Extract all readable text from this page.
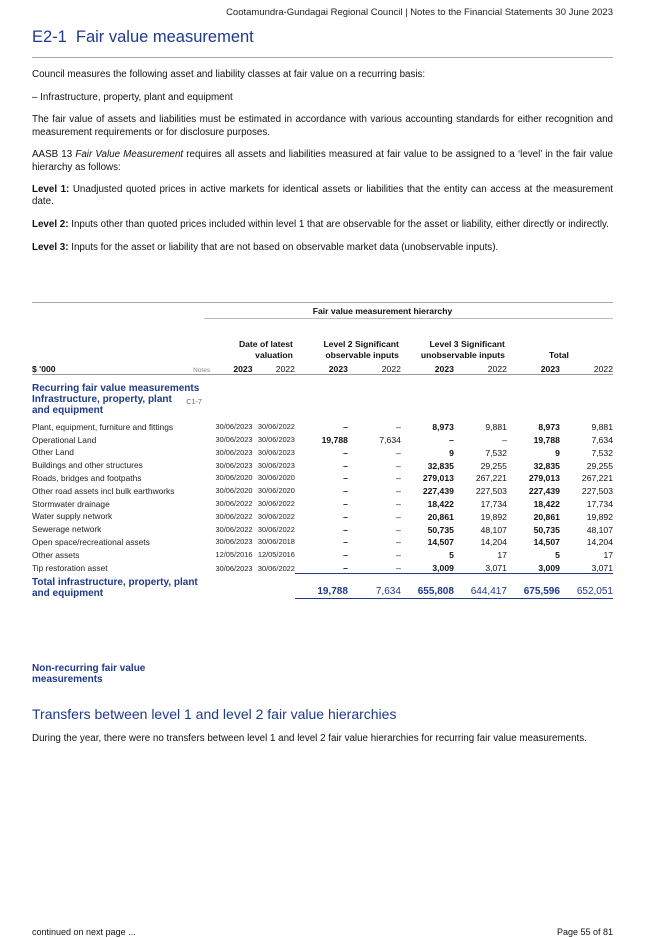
Cootamundra-Gundagai Regional Council | Notes to the Financial Statements 30 June 2023
E2-1 Fair value measurement

Council measures the following asset and liability classes at fair value on a recurring basis:

– Infrastructure, property, plant and equipment

The fair value of assets and liabilities must be estimated in accordance with various accounting standards for either recognition and measurement requirements or for disclosure purposes.

AASB 13 Fair Value Measurement requires all assets and liabilities measured at fair value to be assigned to a ‘level’ in the fair value hierarchy as follows:

Level 1: Unadjusted quoted prices in active markets for identical assets or liabilities that the entity can access at the measurement date.

Level 2: Inputs other than quoted prices included within level 1 that are observable for the asset or liability, either directly or indirectly.

Level 3: Inputs for the asset or liability that are not based on observable market data (unobservable inputs).

Fair value measurement hierarchy
		Date of latest valuation		Level 2 Significant observable inputs		Level 3 Significant unobservable inputs		Total	
$ '000	Notes	2023	2022	2023	2022	2023	2022	2023	2022

Recurring fair value measurements									
Infrastructure, property, plant and equipment	C1-7								
Plant, equipment, furniture and fittings		30/06/2023	30/06/2022	–	–	8,973	9,881	8,973	9,881
Operational Land		30/06/2023	30/06/2023	19,788	7,634	–	–	19,788	7,634
Other Land		30/06/2023	30/06/2023	–	–	9	7,532	9	7,532
Buildings and other structures		30/06/2023	30/06/2023	–	–	32,835	29,255	32,835	29,255
Roads, bridges and footpaths		30/06/2020	30/06/2020	–	–	279,013	267,221	279,013	267,221
Other road assets incl bulk earthworks		30/06/2020	30/06/2020	–	–	227,439	227,503	227,439	227,503
Stormwater drainage		30/06/2022	30/06/2022	–	–	18,422	17,734	18,422	17,734
Water supply network		30/06/2022	30/06/2022	–	–	20,861	19,892	20,861	19,892
Sewerage network		30/06/2022	30/06/2022	–	–	50,735	48,107	50,735	48,107
Open space/recreational assets		30/06/2023	30/06/2018	–	–	14,507	14,204	14,507	14,204
Other assets		12/05/2016	12/05/2016	–	–	5	17	5	17
Tip restoration asset		30/06/2023	30/06/2022	–	–	3,009	3,071	3,009	3,071
Total infrastructure, property, plant and equipment				19,788	7,634	655,808	644,417	675,596	652,051
Non-recurring fair value measurements
Transfers between level 1 and level 2 fair value hierarchies
During the year, there were no transfers between level 1 and level 2 fair value hierarchies for recurring fair value measurements.
continued on next page ...	Page 55 of 81
